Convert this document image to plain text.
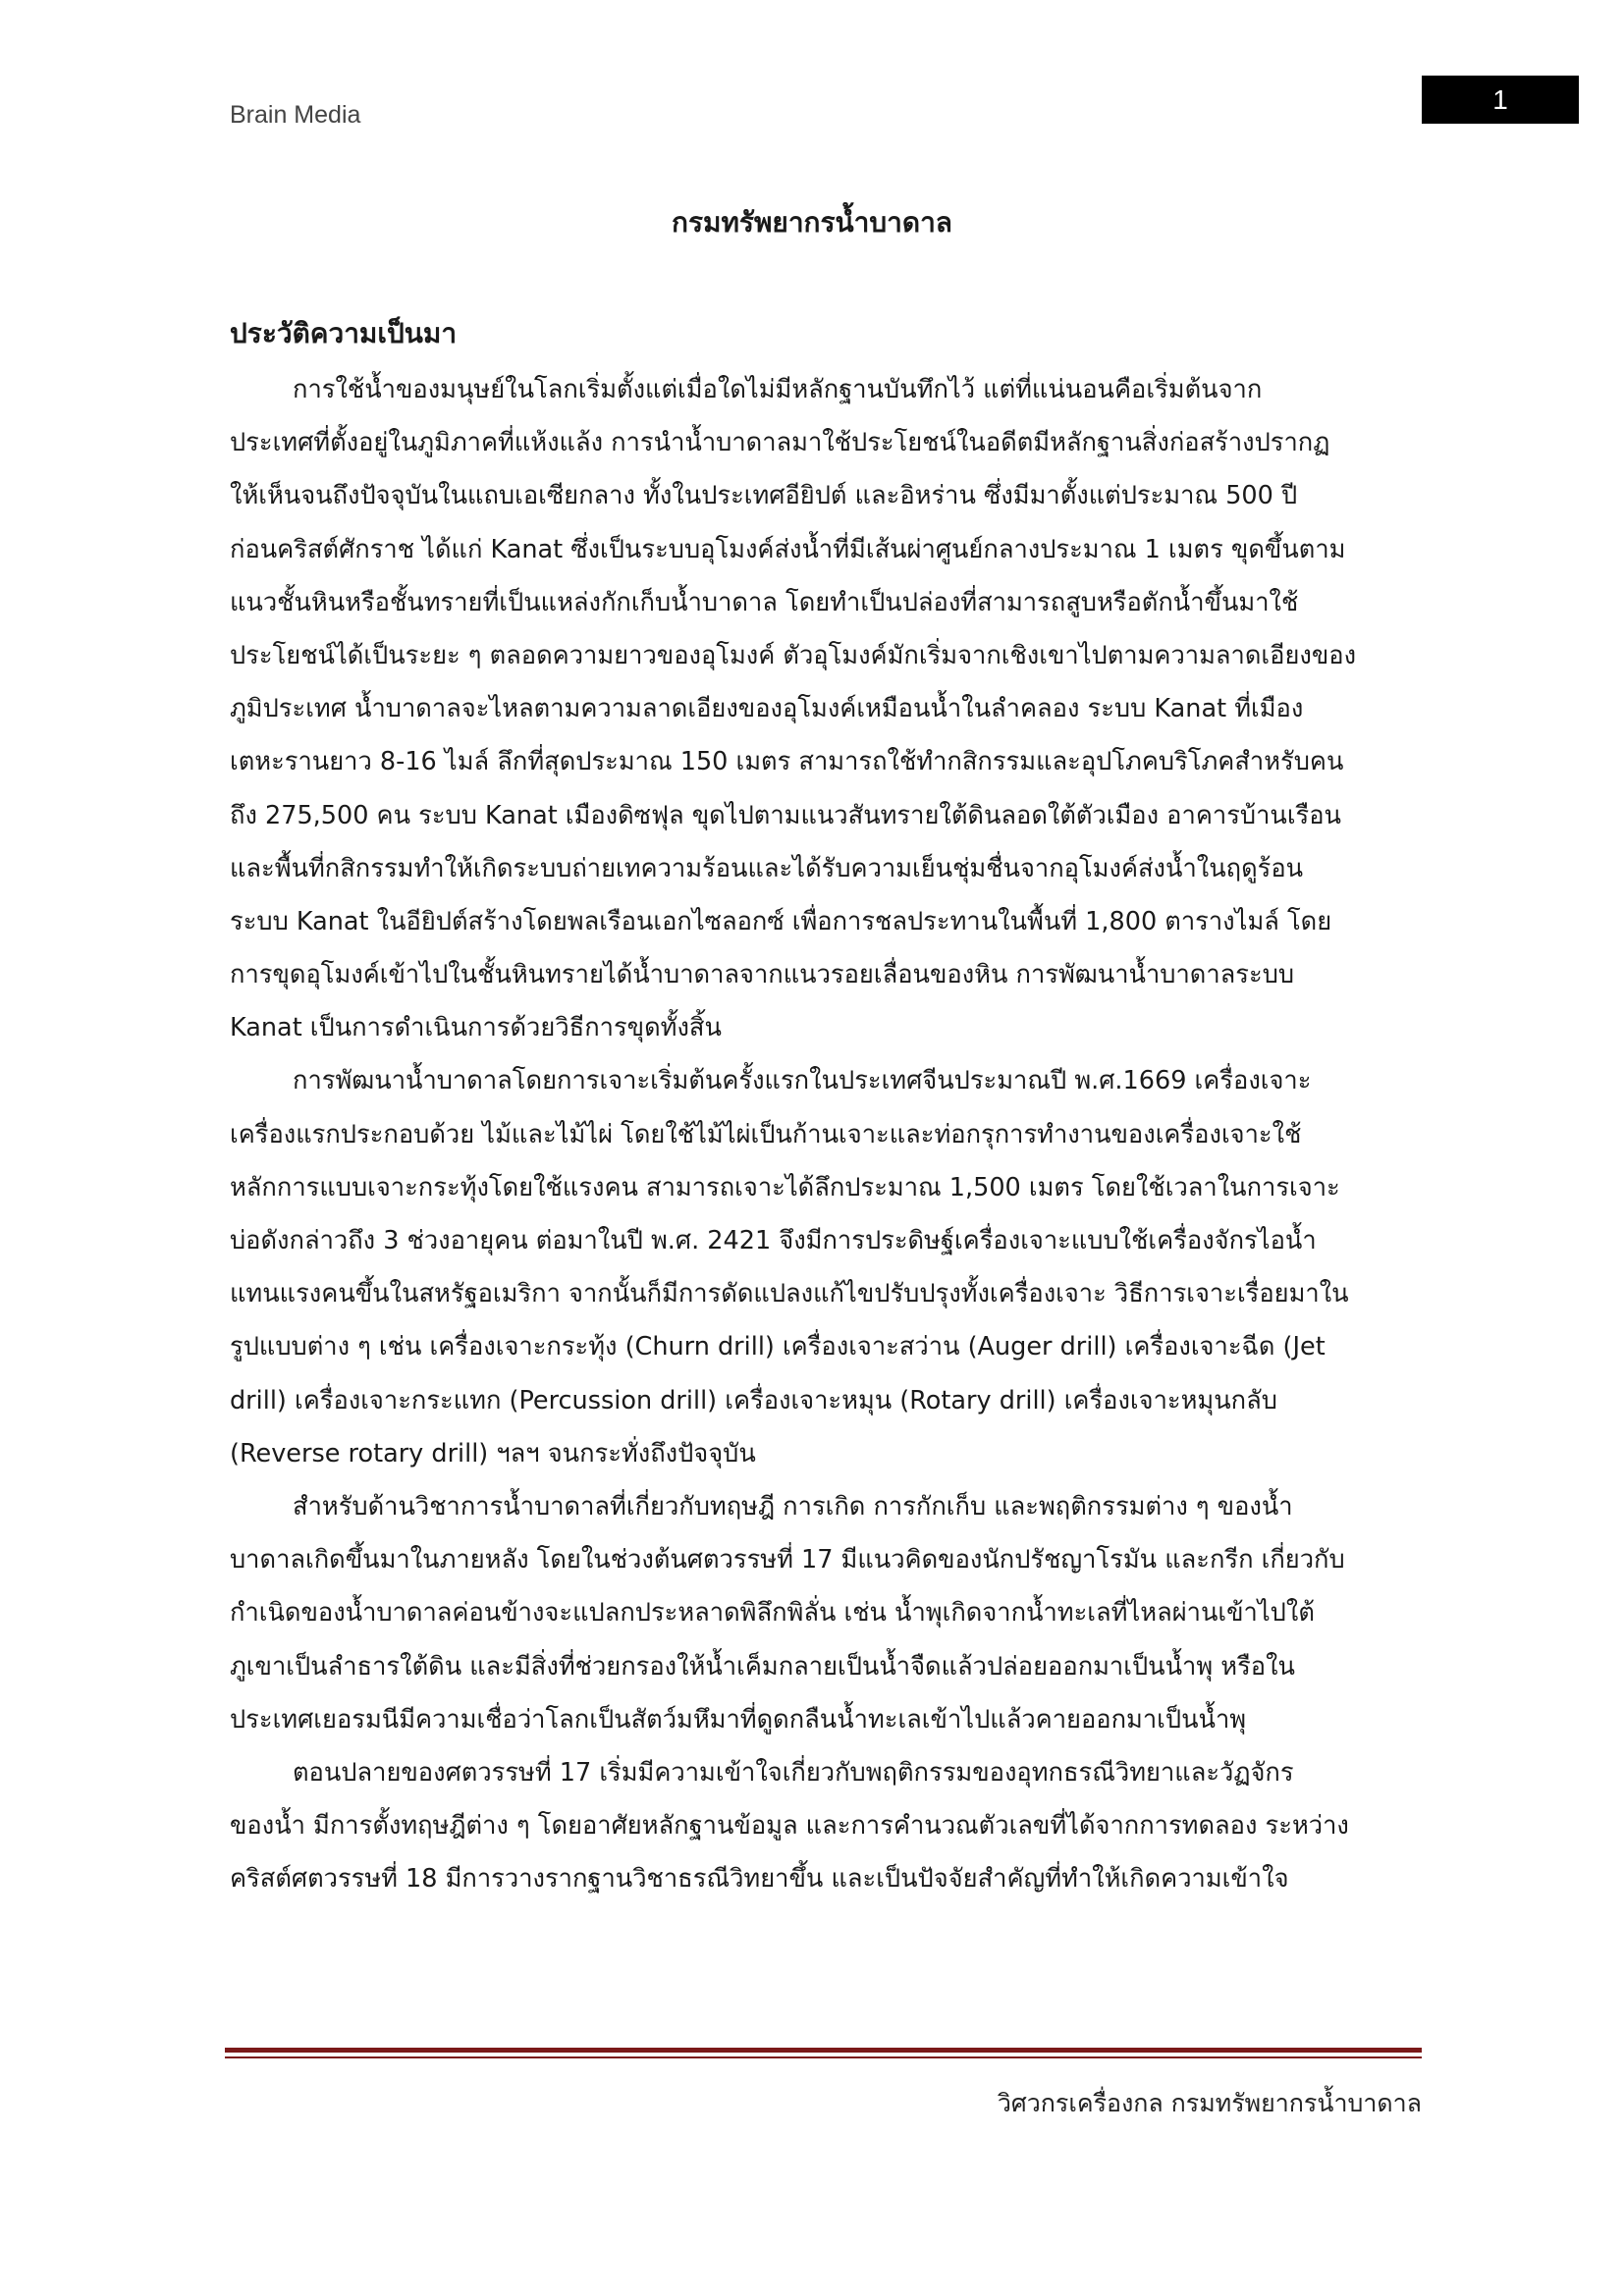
Brain Media	1
กรมทรัพยากรน้ำบาดาล
ประวัติความเป็นมา
การใช้น้ำของมนุษย์ในโลกเริ่มตั้งแต่เมื่อใดไม่มีหลักฐานบันทึกไว้ แต่ที่แน่นอนคือเริ่มต้นจาก
ประเทศที่ตั้งอยู่ในภูมิภาคที่แห้งแล้ง การนำน้ำบาดาลมาใช้ประโยชน์ในอดีตมีหลักฐานสิ่งก่อสร้างปรากฏ
ให้เห็นจนถึงปัจจุบันในแถบเอเซียกลาง ทั้งในประเทศอียิปต์ และอิหร่าน ซึ่งมีมาตั้งแต่ประมาณ 500 ปี
ก่อนคริสต์ศักราช ได้แก่ Kanat ซึ่งเป็นระบบอุโมงค์ส่งน้ำที่มีเส้นผ่าศูนย์กลางประมาณ 1 เมตร ขุดขึ้นตาม
แนวชั้นหินหรือชั้นทรายที่เป็นแหล่งกักเก็บน้ำบาดาล โดยทำเป็นปล่องที่สามารถสูบหรือตักน้ำขึ้นมาใช้
ประโยชน์ได้เป็นระยะ ๆ ตลอดความยาวของอุโมงค์ ตัวอุโมงค์มักเริ่มจากเชิงเขาไปตามความลาดเอียงของ
ภูมิประเทศ น้ำบาดาลจะไหลตามความลาดเอียงของอุโมงค์เหมือนน้ำในลำคลอง ระบบ Kanat ที่เมือง
เตหะรานยาว 8-16 ไมล์ ลึกที่สุดประมาณ 150 เมตร สามารถใช้ทำกสิกรรมและอุปโภคบริโภคสำหรับคน
ถึง 275,500 คน ระบบ Kanat เมืองดิซฟุล ขุดไปตามแนวสันทรายใต้ดินลอดใต้ตัวเมือง อาคารบ้านเรือน
และพื้นที่กสิกรรมทำให้เกิดระบบถ่ายเทความร้อนและได้รับความเย็นชุ่มชื่นจากอุโมงค์ส่งน้ำในฤดูร้อน
ระบบ Kanat ในอียิปต์สร้างโดยพลเรือนเอกไซลอกซ์ เพื่อการชลประทานในพื้นที่ 1,800 ตารางไมล์ โดย
การขุดอุโมงค์เข้าไปในชั้นหินทรายได้น้ำบาดาลจากแนวรอยเลื่อนของหิน การพัฒนาน้ำบาดาลระบบ
Kanat เป็นการดำเนินการด้วยวิธีการขุดทั้งสิ้น
การพัฒนาน้ำบาดาลโดยการเจาะเริ่มต้นครั้งแรกในประเทศจีนประมาณปี พ.ศ.1669 เครื่องเจาะ
เครื่องแรกประกอบด้วย ไม้และไม้ไผ่ โดยใช้ไม้ไผ่เป็นก้านเจาะและท่อกรุการทำงานของเครื่องเจาะใช้
หลักการแบบเจาะกระทุ้งโดยใช้แรงคน สามารถเจาะได้ลึกประมาณ 1,500 เมตร โดยใช้เวลาในการเจาะ
บ่อดังกล่าวถึง 3 ช่วงอายุคน ต่อมาในปี พ.ศ. 2421 จึงมีการประดิษฐ์เครื่องเจาะแบบใช้เครื่องจักรไอน้ำ
แทนแรงคนขึ้นในสหรัฐอเมริกา จากนั้นก็มีการดัดแปลงแก้ไขปรับปรุงทั้งเครื่องเจาะ วิธีการเจาะเรื่อยมาใน
รูปแบบต่าง ๆ เช่น เครื่องเจาะกระทุ้ง (Churn drill) เครื่องเจาะสว่าน (Auger drill) เครื่องเจาะฉีด (Jet
drill) เครื่องเจาะกระแทก (Percussion drill) เครื่องเจาะหมุน (Rotary drill) เครื่องเจาะหมุนกลับ
(Reverse rotary drill) ฯลฯ จนกระทั่งถึงปัจจุบัน
สำหรับด้านวิชาการน้ำบาดาลที่เกี่ยวกับทฤษฎี การเกิด การกักเก็บ และพฤติกรรมต่าง ๆ ของน้ำ
บาดาลเกิดขึ้นมาในภายหลัง โดยในช่วงต้นศตวรรษที่ 17 มีแนวคิดของนักปรัชญาโรมัน และกรีก เกี่ยวกับ
กำเนิดของน้ำบาดาลค่อนข้างจะแปลกประหลาดพิลึกพิลั่น เช่น น้ำพุเกิดจากน้ำทะเลที่ไหลผ่านเข้าไปใต้
ภูเขาเป็นลำธารใต้ดิน และมีสิ่งที่ช่วยกรองให้น้ำเค็มกลายเป็นน้ำจืดแล้วปล่อยออกมาเป็นน้ำพุ หรือใน
ประเทศเยอรมนีมีความเชื่อว่าโลกเป็นสัตว์มหึมาที่ดูดกลืนน้ำทะเลเข้าไปแล้วคายออกมาเป็นน้ำพุ
ตอนปลายของศตวรรษที่ 17 เริ่มมีความเข้าใจเกี่ยวกับพฤติกรรมของอุทกธรณีวิทยาและวัฏจักร
ของน้ำ มีการตั้งทฤษฎีต่าง ๆ โดยอาศัยหลักฐานข้อมูล และการคำนวณตัวเลขที่ได้จากการทดลอง ระหว่าง
คริสต์ศตวรรษที่ 18 มีการวางรากฐานวิชาธรณีวิทยาขึ้น และเป็นปัจจัยสำคัญที่ทำให้เกิดความเข้าใจ
วิศวกรเครื่องกล กรมทรัพยากรน้ำบาดาล
